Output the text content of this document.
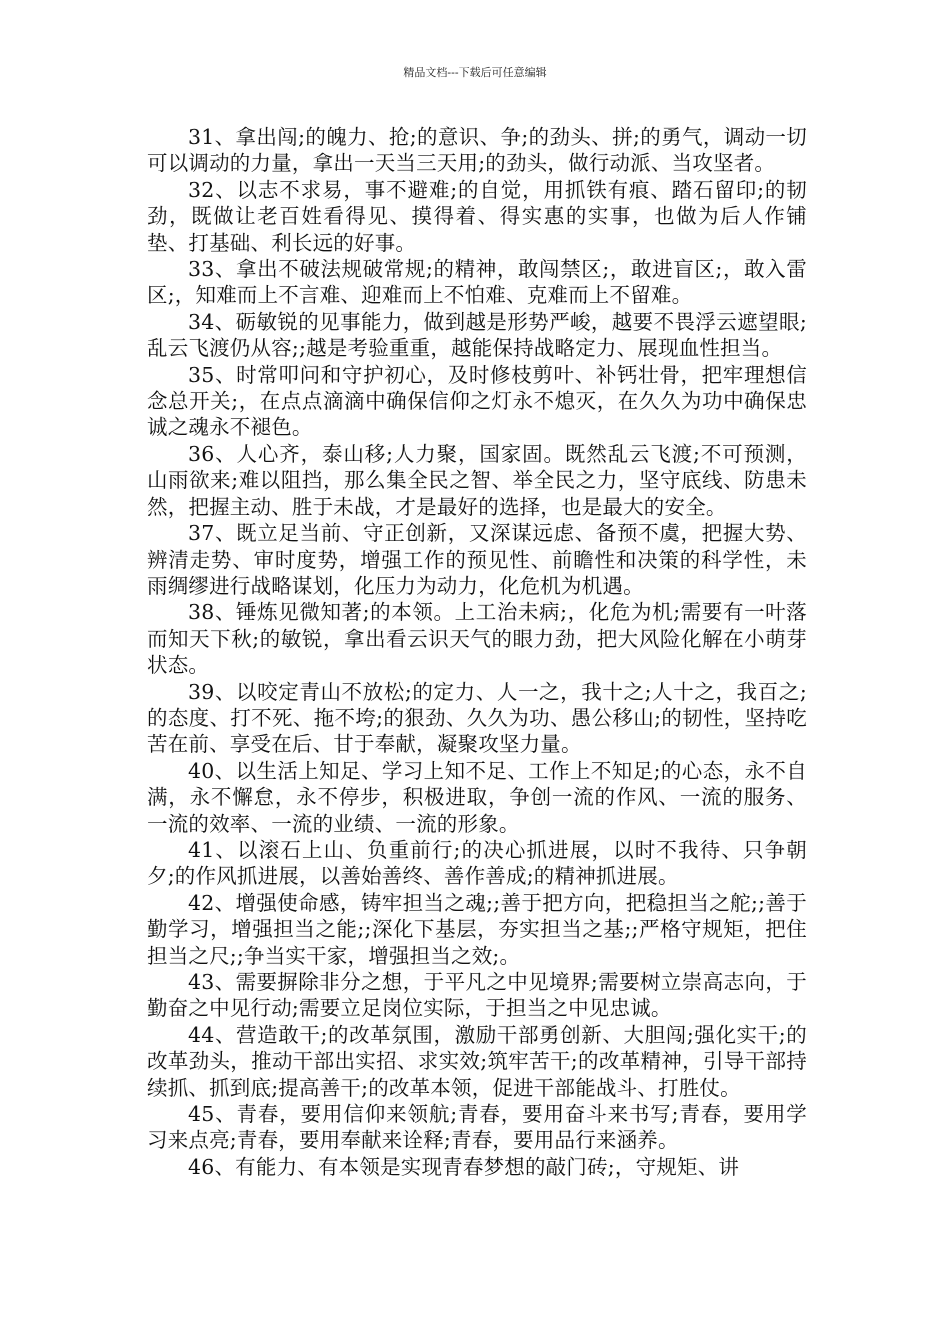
精品文档---下载后可任意编辑

31、拿出闯;的魄力、抢;的意识、争;的劲头、拼;的勇气，调动一切可以调动的力量，拿出一天当三天用;的劲头，做行动派、当攻坚者。

32、以志不求易，事不避难;的自觉，用抓铁有痕、踏石留印;的韧劲，既做让老百姓看得见、摸得着、得实惠的实事，也做为后人作铺垫、打基础、利长远的好事。

33、拿出不破法规破常规;的精神，敢闯禁区;，敢进盲区;，敢入雷区;，知难而上不言难、迎难而上不怕难、克难而上不留难。

34、砺敏锐的见事能力，做到越是形势严峻，越要不畏浮云遮望眼;乱云飞渡仍从容;;越是考验重重，越能保持战略定力、展现血性担当。

35、时常叩问和守护初心，及时修枝剪叶、补钙壮骨，把牢理想信念总开关;，在点点滴滴中确保信仰之灯永不熄灭，在久久为功中确保忠诚之魂永不褪色。

36、人心齐，泰山移;人力聚，国家固。既然乱云飞渡;不可预测，山雨欲来;难以阻挡，那么集全民之智、举全民之力，坚守底线、防患未然，把握主动、胜于未战，才是最好的选择，也是最大的安全。

37、既立足当前、守正创新，又深谋远虑、备预不虞，把握大势、辨清走势、审时度势，增强工作的预见性、前瞻性和决策的科学性，未雨绸缪进行战略谋划，化压力为动力，化危机为机遇。

38、锤炼见微知著;的本领。上工治未病;，化危为机;需要有一叶落而知天下秋;的敏锐，拿出看云识天气的眼力劲，把大风险化解在小萌芽状态。

39、以咬定青山不放松;的定力、人一之，我十之;人十之，我百之;的态度、打不死、拖不垮;的狠劲、久久为功、愚公移山;的韧性，坚持吃苦在前、享受在后、甘于奉献，凝聚攻坚力量。

40、以生活上知足、学习上知不足、工作上不知足;的心态，永不自满，永不懈怠，永不停步，积极进取，争创一流的作风、一流的服务、一流的效率、一流的业绩、一流的形象。

41、以滚石上山、负重前行;的决心抓进展，以时不我待、只争朝夕;的作风抓进展，以善始善终、善作善成;的精神抓进展。

42、增强使命感，铸牢担当之魂;;善于把方向，把稳担当之舵;;善于勤学习，增强担当之能;;深化下基层，夯实担当之基;;严格守规矩，把住担当之尺;;争当实干家，增强担当之效;。

43、需要摒除非分之想，于平凡之中见境界;需要树立崇高志向，于勤奋之中见行动;需要立足岗位实际，于担当之中见忠诚。

44、营造敢干;的改革氛围，激励干部勇创新、大胆闯;强化实干;的改革劲头，推动干部出实招、求实效;筑牢苦干;的改革精神，引导干部持续抓、抓到底;提高善干;的改革本领，促进干部能战斗、打胜仗。

45、青春，要用信仰来领航;青春，要用奋斗来书写;青春，要用学习来点亮;青春，要用奉献来诠释;青春，要用品行来涵养。

46、有能力、有本领是实现青春梦想的敲门砖;，守规矩、讲
